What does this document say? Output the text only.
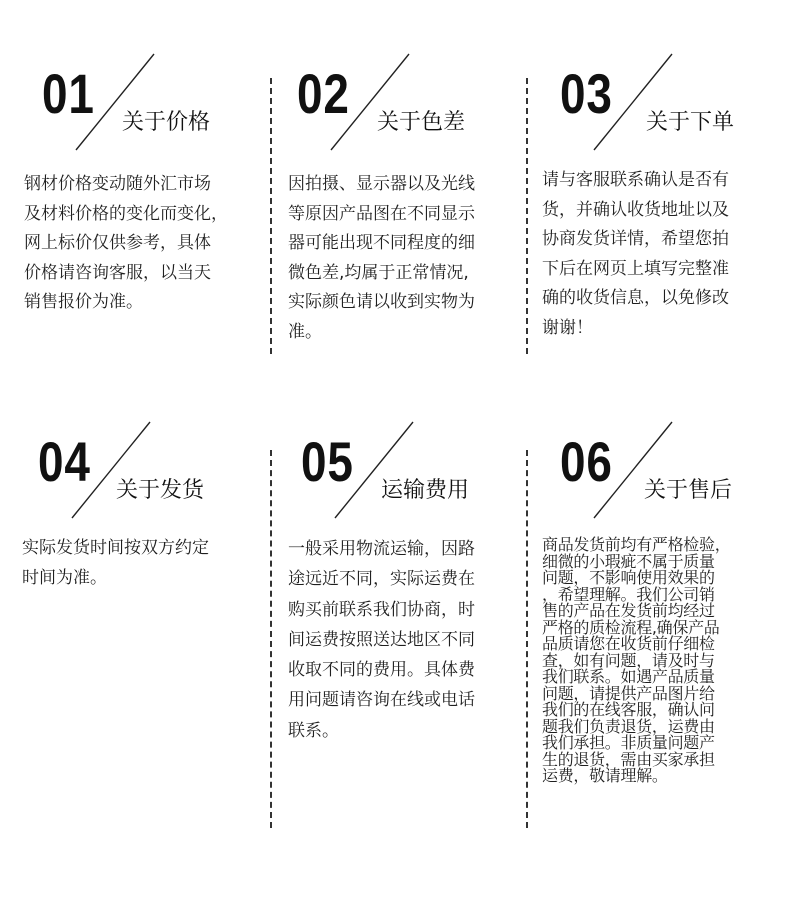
01 关于价格
钢材价格变动随外汇市场
及材料价格的变化而变化，
网上标价仅供参考，具体
价格请咨询客服，以当天
销售报价为准。
02 关于色差
因拍摄、显示器以及光线
等原因产品图在不同显示
器可能出现不同程度的细
微色差,均属于正常情况,
实际颜色请以收到实物为
准。
03 关于下单
请与客服联系确认是否有
货，并确认收货地址以及
协商发货详情，希望您拍
下后在网页上填写完整准
确的收货信息，以免修改
谢谢！
04 关于发货
实际发货时间按双方约定
时间为准。
05 运输费用
一般采用物流运输，因路
途远近不同，实际运费在
购买前联系我们协商，时
间运费按照送达地区不同
收取不同的费用。具体费
用问题请咨询在线或电话
联系。
06 关于售后
商品发货前均有严格检验，
细微的小瑕疵不属于质量
问题，不影响使用效果的
，希望理解。我们公司销
售的产品在发货前均经过
严格的质检流程,确保产品
品质请您在收货前仔细检
查，如有问题，请及时与
我们联系。如遇产品质量
问题，请提供产品图片给
我们的在线客服，确认问
题我们负责退货，运费由
我们承担。非质量问题产
生的退货，需由买家承担
运费，敬请理解。
